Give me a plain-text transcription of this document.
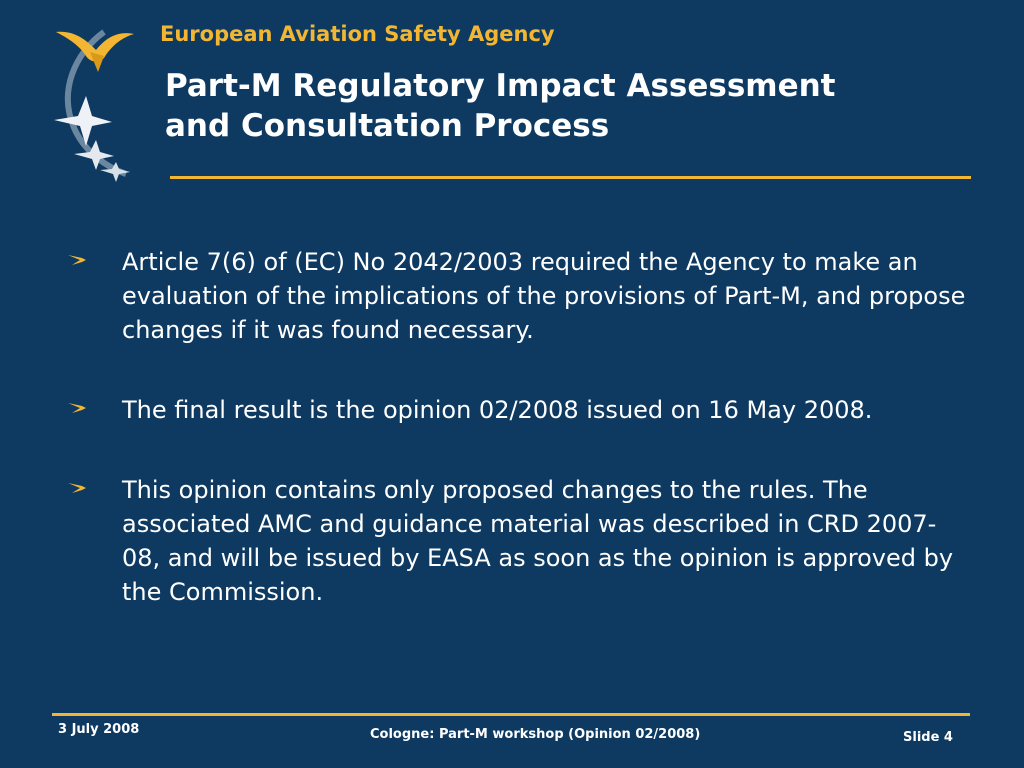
European Aviation Safety Agency
Part-M Regulatory Impact Assessment
and Consultation Process
Article 7(6) of (EC) No 2042/2003 required the Agency to make an evaluation of the implications of the provisions of Part-M, and propose changes if it was found necessary.
The final result is the opinion 02/2008 issued on 16 May 2008.
This opinion contains only proposed changes to the rules. The associated AMC and guidance material was described in CRD 2007-08, and will be issued by EASA as soon as the opinion is approved by the Commission.
3 July 2008	Cologne: Part-M workshop (Opinion 02/2008)	Slide 4
